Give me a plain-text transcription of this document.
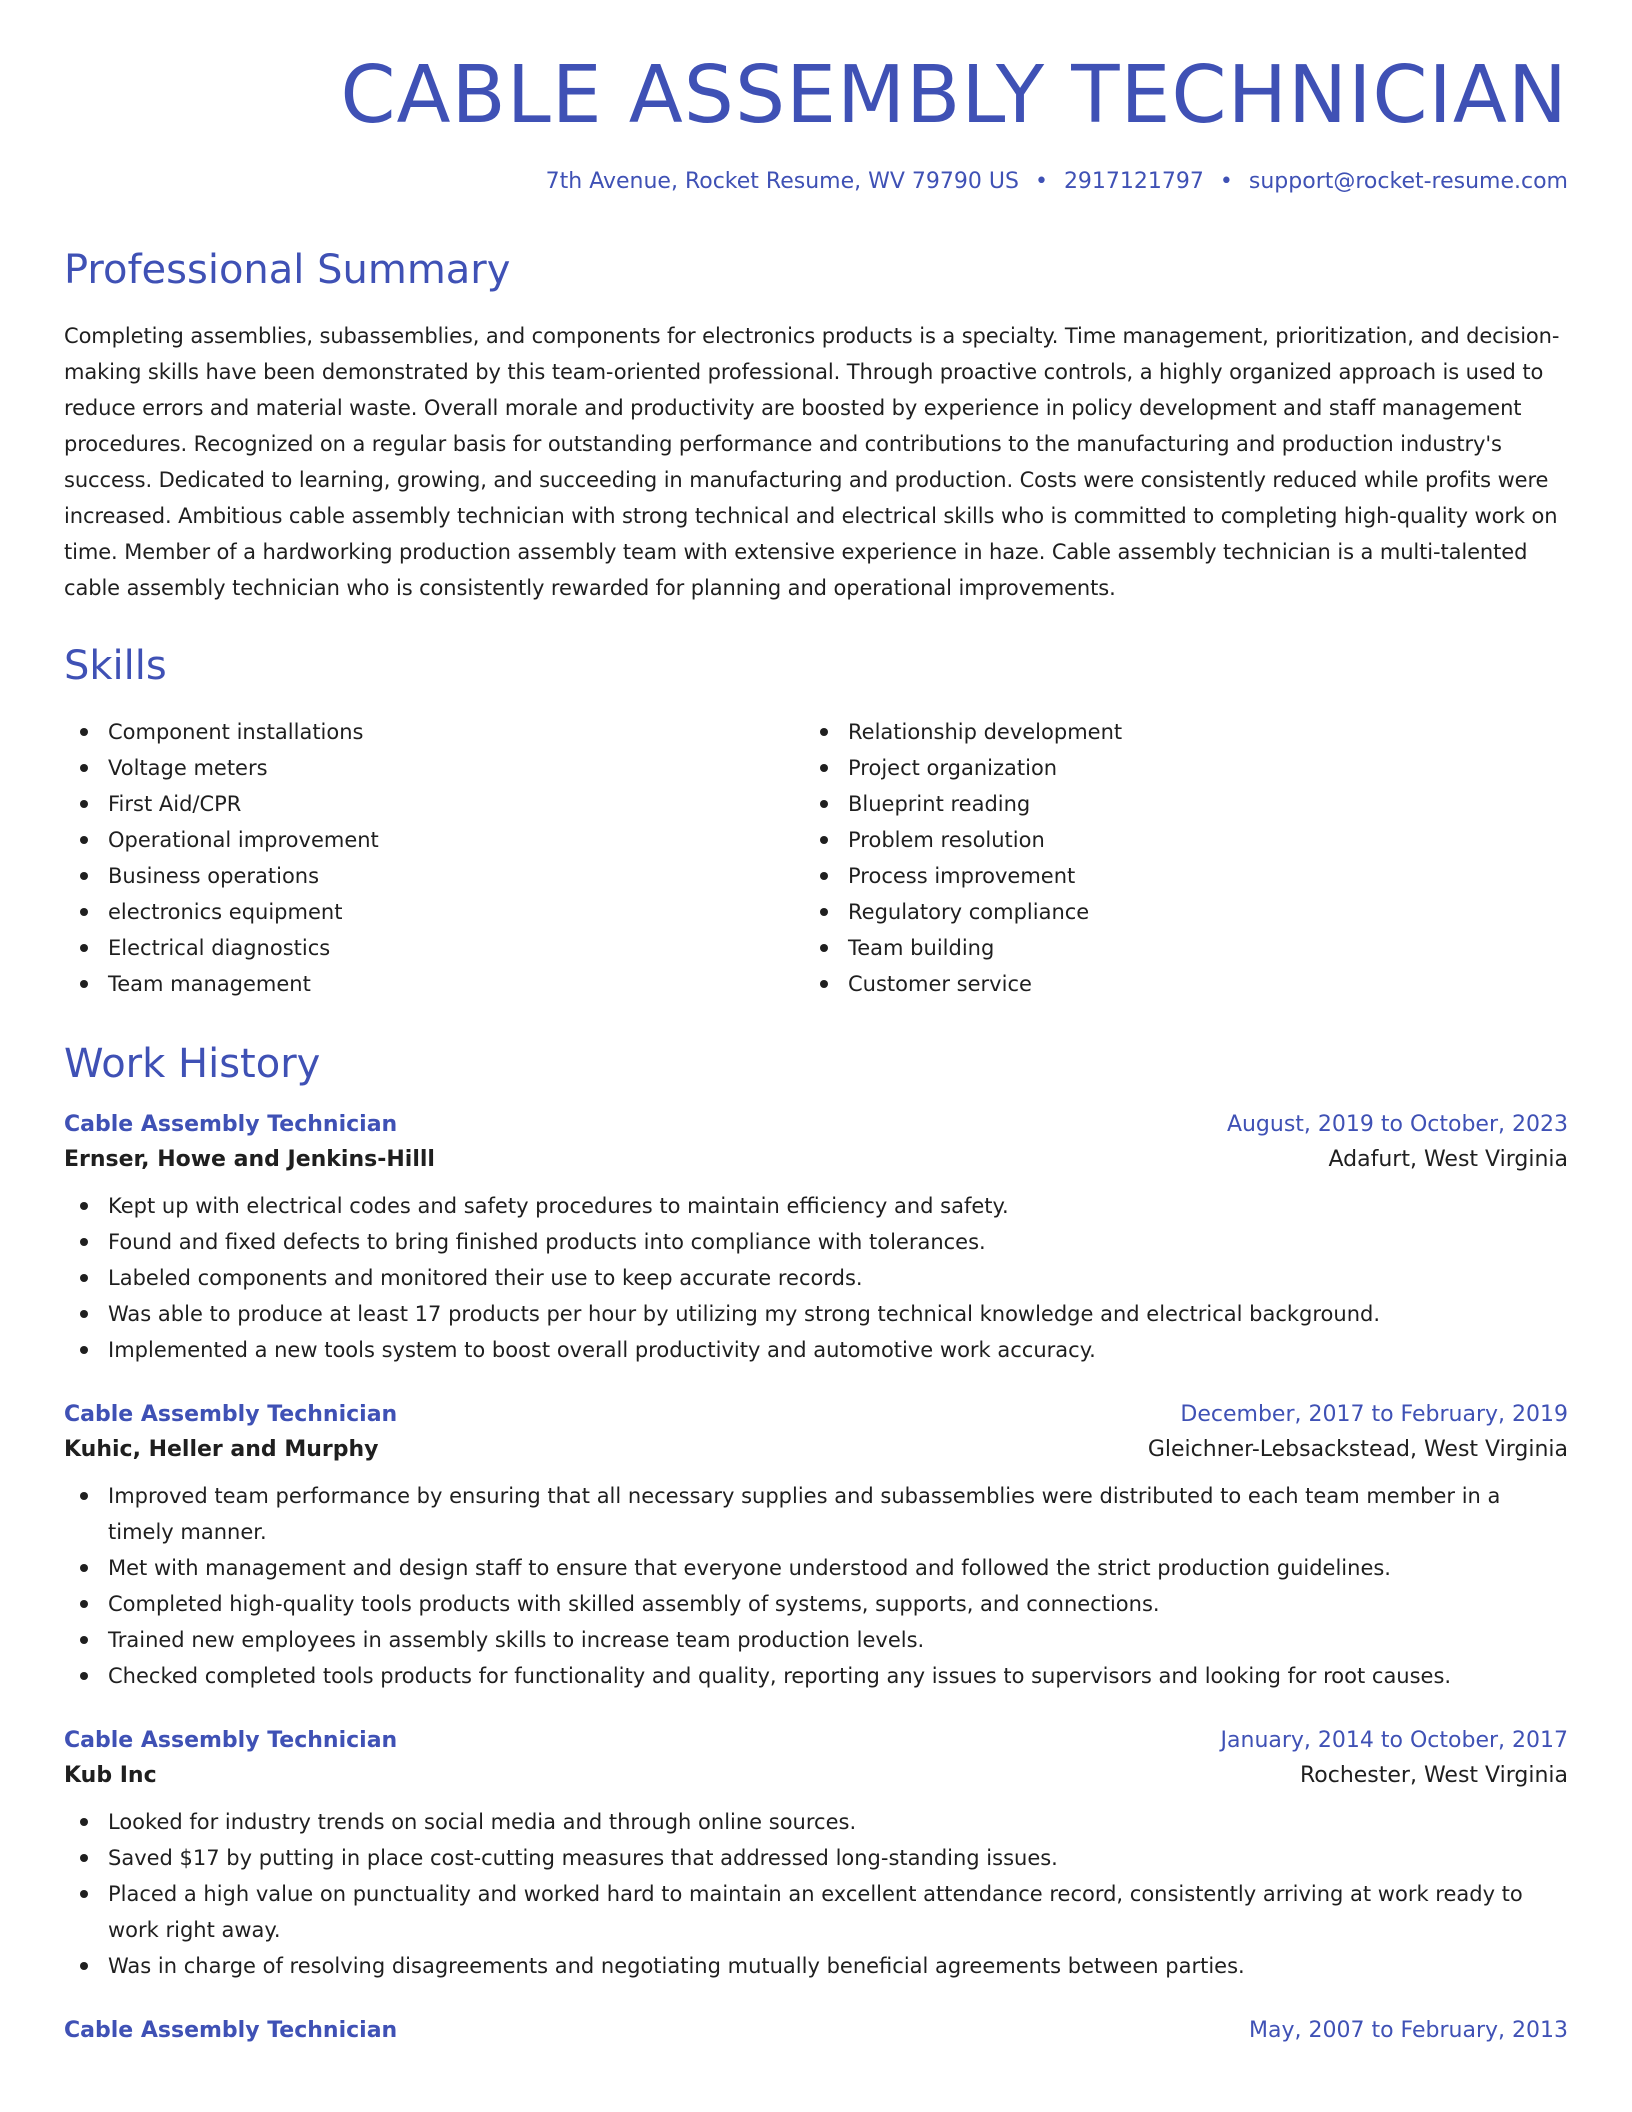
CABLE ASSEMBLY TECHNICIAN
7th Avenue, Rocket Resume, WV 79790 US • 2917121797 • support@rocket-resume.com
Professional Summary

Completing assemblies, subassemblies, and components for electronics products is a specialty. Time management, prioritization, and decision-making skills have been demonstrated by this team-oriented professional. Through proactive controls, a highly organized approach is used to reduce errors and material waste. Overall morale and productivity are boosted by experience in policy development and staff management procedures. Recognized on a regular basis for outstanding performance and contributions to the manufacturing and production industry's success. Dedicated to learning, growing, and succeeding in manufacturing and production. Costs were consistently reduced while profits were increased. Ambitious cable assembly technician with strong technical and electrical skills who is committed to completing high-quality work on time. Member of a hardworking production assembly team with extensive experience in haze. Cable assembly technician is a multi-talented cable assembly technician who is consistently rewarded for planning and operational improvements.

Skills
Component installations
Voltage meters
First Aid/CPR
Operational improvement
Business operations
electronics equipment
Electrical diagnostics
Team management
Relationship development
Project organization
Blueprint reading
Problem resolution
Process improvement
Regulatory compliance
Team building
Customer service
Work History
Cable Assembly Technician	August, 2019 to October, 2023
Ernser, Howe and Jenkins-Hilll	Adafurt, West Virginia
Kept up with electrical codes and safety procedures to maintain efficiency and safety.
Found and fixed defects to bring finished products into compliance with tolerances.
Labeled components and monitored their use to keep accurate records.
Was able to produce at least 17 products per hour by utilizing my strong technical knowledge and electrical background.
Implemented a new tools system to boost overall productivity and automotive work accuracy.
Cable Assembly Technician	December, 2017 to February, 2019
Kuhic, Heller and Murphy	Gleichner-Lebsackstead, West Virginia
Improved team performance by ensuring that all necessary supplies and subassemblies were distributed to each team member in a timely manner.
Met with management and design staff to ensure that everyone understood and followed the strict production guidelines.
Completed high-quality tools products with skilled assembly of systems, supports, and connections.
Trained new employees in assembly skills to increase team production levels.
Checked completed tools products for functionality and quality, reporting any issues to supervisors and looking for root causes.
Cable Assembly Technician	January, 2014 to October, 2017
Kub Inc	Rochester, West Virginia
Looked for industry trends on social media and through online sources.
Saved $17 by putting in place cost-cutting measures that addressed long-standing issues.
Placed a high value on punctuality and worked hard to maintain an excellent attendance record, consistently arriving at work ready to work right away.
Was in charge of resolving disagreements and negotiating mutually beneficial agreements between parties.
Cable Assembly Technician	May, 2007 to February, 2013
